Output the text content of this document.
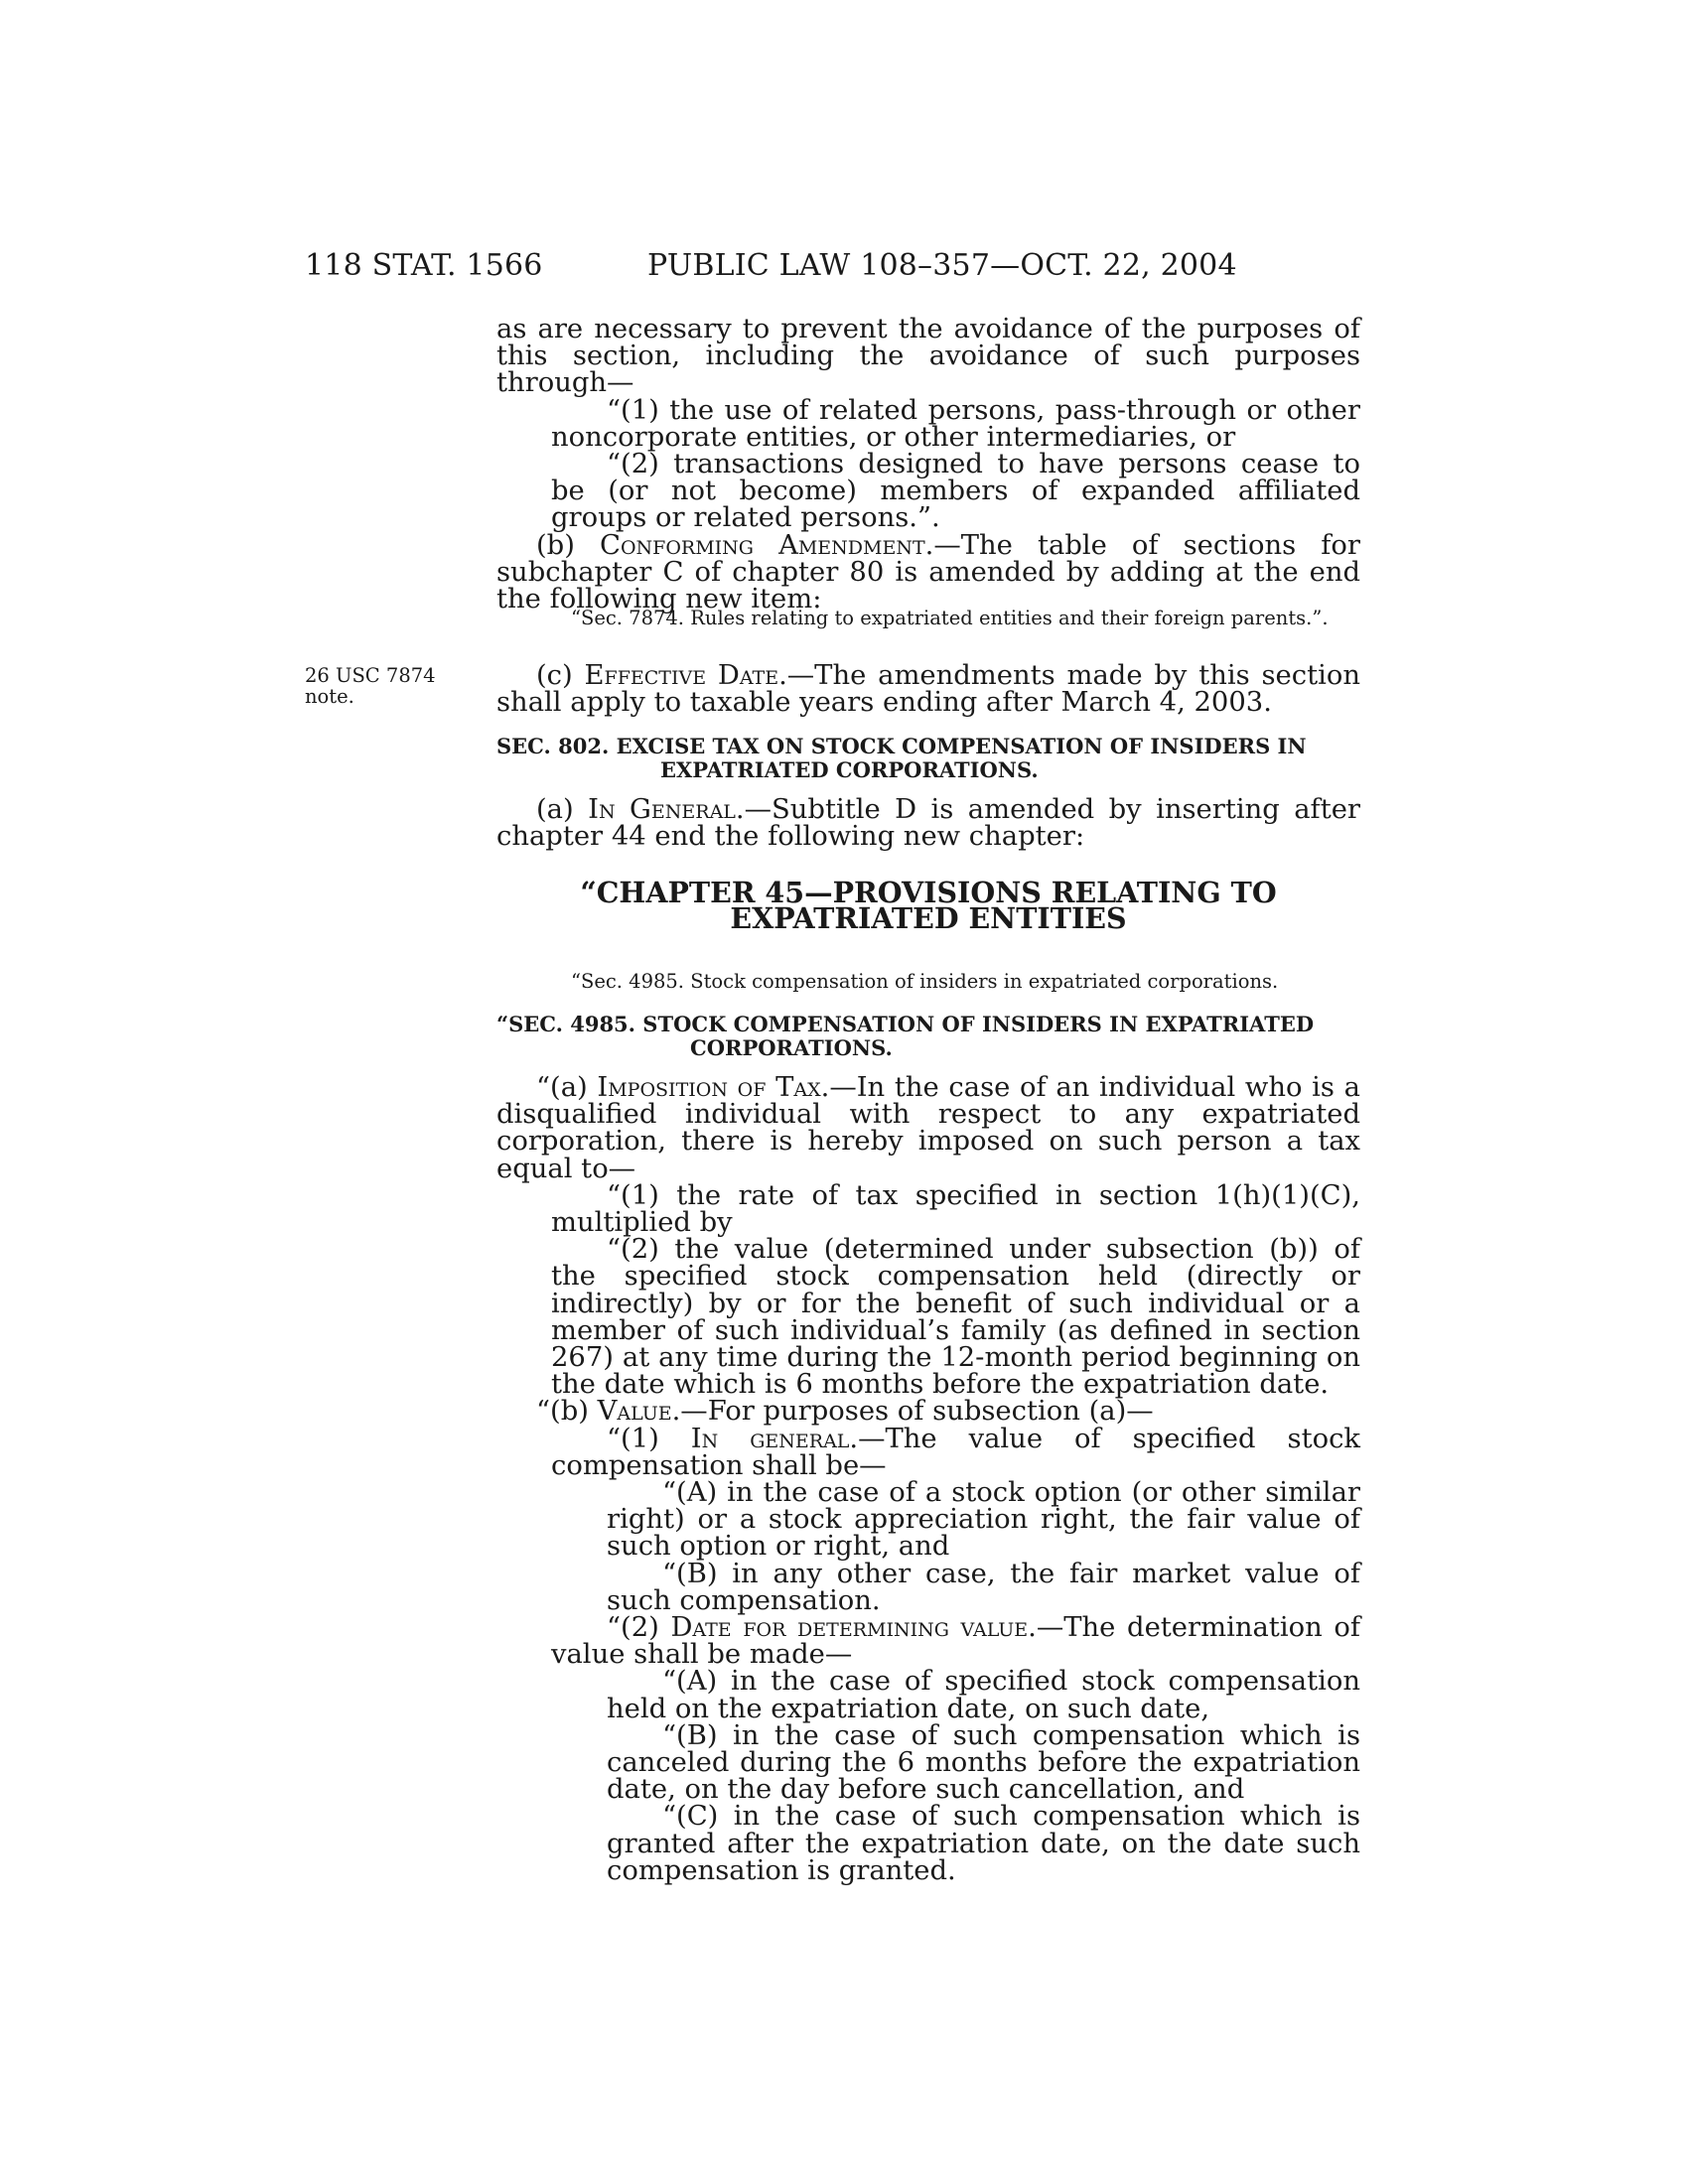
118 STAT. 1566	PUBLIC LAW 108–357—OCT. 22, 2004

26 USC 7874

note.

as are necessary to prevent the avoidance of the purposes of this section, including the avoidance of such purposes through—

“(1) the use of related persons, pass-through or other noncorporate entities, or other intermediaries, or

“(2) transactions designed to have persons cease to be (or not become) members of expanded affiliated groups or related persons.”.

(b) Conforming Amendment.—The table of sections for subchapter C of chapter 80 is amended by adding at the end the following new item:

“Sec. 7874. Rules relating to expatriated entities and their foreign parents.”.

(c) Effective Date.—The amendments made by this section shall apply to taxable years ending after March 4, 2003.

SEC. 802. EXCISE TAX ON STOCK COMPENSATION OF INSIDERS IN EXPATRIATED CORPORATIONS.

(a) In General.—Subtitle D is amended by inserting after chapter 44 end the following new chapter:

“CHAPTER 45—PROVISIONS RELATING TO

EXPATRIATED ENTITIES

“Sec. 4985. Stock compensation of insiders in expatriated corporations.

“SEC. 4985. STOCK COMPENSATION OF INSIDERS IN EXPATRIATED CORPORATIONS.

“(a) Imposition of Tax.—In the case of an individual who is a disqualified individual with respect to any expatriated corporation, there is hereby imposed on such person a tax equal to—

“(1) the rate of tax specified in section 1(h)(1)(C), multiplied by

“(2) the value (determined under subsection (b)) of the specified stock compensation held (directly or indirectly) by or for the benefit of such individual or a member of such individual’s family (as defined in section 267) at any time during the 12-month period beginning on the date which is 6 months before the expatriation date.

“(b) Value.—For purposes of subsection (a)—

“(1) In general.—The value of specified stock compensation shall be—

“(A) in the case of a stock option (or other similar right) or a stock appreciation right, the fair value of such option or right, and

“(B) in any other case, the fair market value of such compensation.

“(2) Date for determining value.—The determination of value shall be made—

“(A) in the case of specified stock compensation held on the expatriation date, on such date,

“(B) in the case of such compensation which is canceled during the 6 months before the expatriation date, on the day before such cancellation, and

“(C) in the case of such compensation which is granted after the expatriation date, on the date such compensation is granted.
